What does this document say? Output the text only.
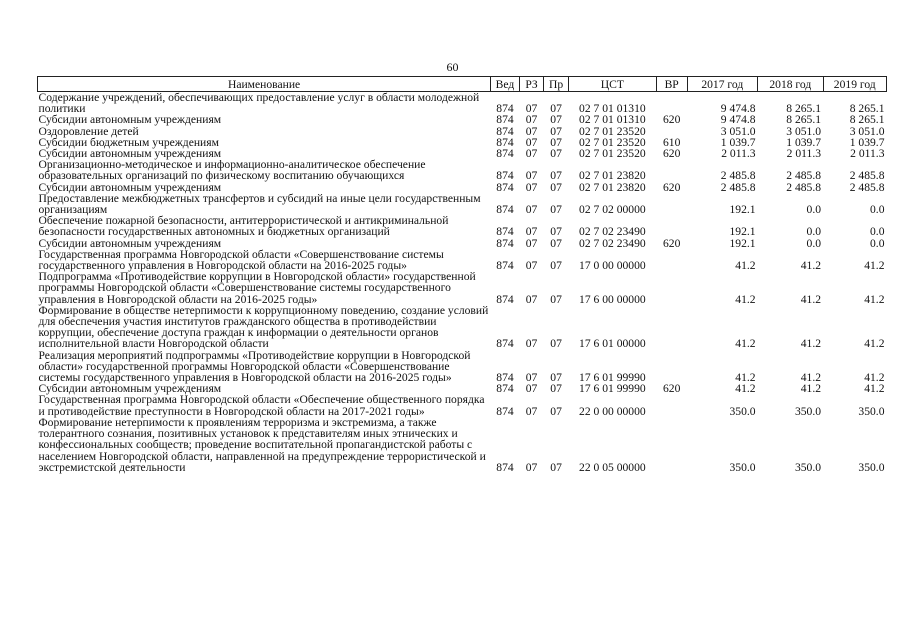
60
Наименование	Вед	РЗ	Пр	ЦСТ	ВР	2017 год	2018 год	2019 год
Содержание учреждений, обеспечивающих предоставление услуг в области молодежной политики	874	07	07	02 7 01 01310		9 474.8	8 265.1	8 265.1
Субсидии автономным учреждениям	874	07	07	02 7 01 01310	620	9 474.8	8 265.1	8 265.1
Оздоровление детей	874	07	07	02 7 01 23520		3 051.0	3 051.0	3 051.0
Субсидии бюджетным учреждениям	874	07	07	02 7 01 23520	610	1 039.7	1 039.7	1 039.7
Субсидии автономным учреждениям	874	07	07	02 7 01 23520	620	2 011.3	2 011.3	2 011.3
Организационно-методическое и информационно-аналитическое обеспечение образовательных организаций по физическому воспитанию обучающихся	874	07	07	02 7 01 23820		2 485.8	2 485.8	2 485.8
Субсидии автономным учреждениям	874	07	07	02 7 01 23820	620	2 485.8	2 485.8	2 485.8
Предоставление межбюджетных трансфертов и субсидий на иные цели государственным организациям	874	07	07	02 7 02 00000		192.1	0.0	0.0
Обеспечение пожарной безопасности, антитеррористической и антикриминальной безопасности государственных автономных и бюджетных организаций	874	07	07	02 7 02 23490		192.1	0.0	0.0
Субсидии автономным учреждениям	874	07	07	02 7 02 23490	620	192.1	0.0	0.0
Государственная программа Новгородской области «Совершенствование системы государственного управления в Новгородской области на 2016-2025 годы»	874	07	07	17 0 00 00000		41.2	41.2	41.2
Подпрограмма «Противодействие коррупции в Новгородской области» государственной программы Новгородской области «Совершенствование системы государственного управления в Новгородской области на 2016-2025 годы»	874	07	07	17 6 00 00000		41.2	41.2	41.2
Формирование в обществе нетерпимости к коррупционному поведению, создание условий для обеспечения участия институтов гражданского общества в противодействии коррупции, обеспечение доступа граждан к информации о деятельности органов исполнительной власти Новгородской области	874	07	07	17 6 01 00000		41.2	41.2	41.2
Реализация мероприятий подпрограммы «Противодействие коррупции в Новгородской области» государственной программы Новгородской области «Совершенствование системы государственного управления в Новгородской области на 2016-2025 годы»	874	07	07	17 6 01 99990		41.2	41.2	41.2
Субсидии автономным учреждениям	874	07	07	17 6 01 99990	620	41.2	41.2	41.2
Государственная программа Новгородской области «Обеспечение общественного порядка и противодействие преступности в Новгородской области на 2017-2021 годы»	874	07	07	22 0 00 00000		350.0	350.0	350.0
Формирование нетерпимости к проявлениям терроризма и экстремизма, а также толерантного сознания, позитивных установок к представителям иных этнических и конфессиональных сообществ; проведение воспитательной пропагандистской работы с населением Новгородской области, направленной на предупреждение террористической и экстремистской деятельности	874	07	07	22 0 05 00000		350.0	350.0	350.0
